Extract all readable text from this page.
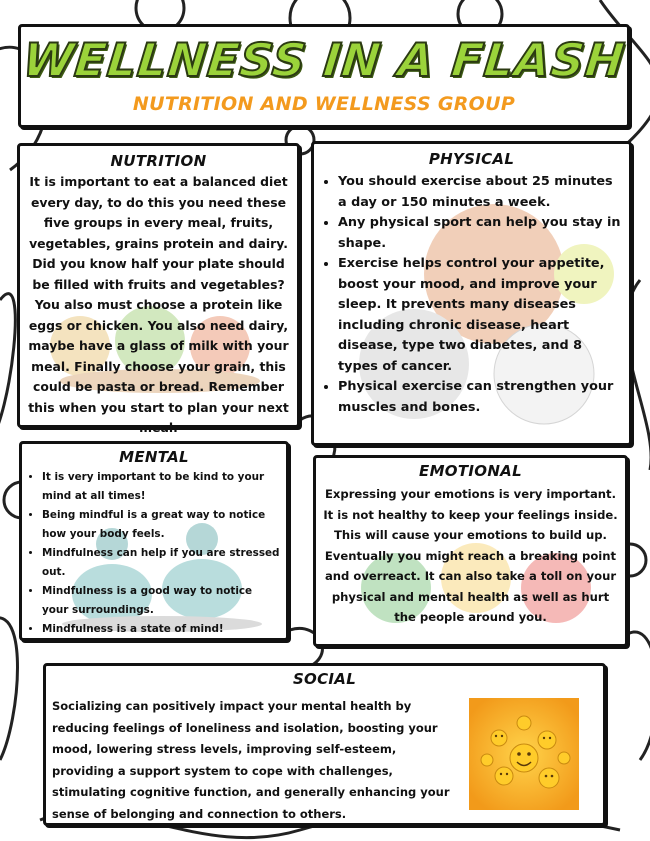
WELLNESS IN A FLASH
NUTRITION AND WELLNESS GROUP
NUTRITION
It is important to eat a balanced diet every day, to do this you need these five groups in every meal, fruits, vegetables, grains protein and dairy. Did you know half your plate should be filled with fruits and vegetables? You also must choose a protein like eggs or chicken. You also need dairy, maybe have a glass of milk with your meal. Finally choose your grain, this could be pasta or bread. Remember this when you start to plan your next meal.
PHYSICAL
• You should exercise about 25 minutes a day or 150 minutes a week.
• Any physical sport can help you stay in shape.
• Exercise helps control your appetite, boost your mood, and improve your sleep. It prevents many diseases including chronic disease, heart disease, type two diabetes, and 8 types of cancer.
• Physical exercise can strengthen your muscles and bones.
MENTAL
• It is very important to be kind to your mind at all times!
• Being mindful is a great way to notice how your body feels.
• Mindfulness can help if you are stressed out.
• Mindfulness is a good way to notice your surroundings.
• Mindfulness is a state of mind!
EMOTIONAL
Expressing your emotions is very important. It is not healthy to keep your feelings inside. This will cause your emotions to build up. Eventually you might reach a breaking point and overreact. It can also take a toll on your physical and mental health as well as hurt the people around you.
SOCIAL
Socializing can positively impact your mental health by reducing feelings of loneliness and isolation, boosting your mood, lowering stress levels, improving self-esteem, providing a support system to cope with challenges, stimulating cognitive function, and generally enhancing your sense of belonging and connection to others.
